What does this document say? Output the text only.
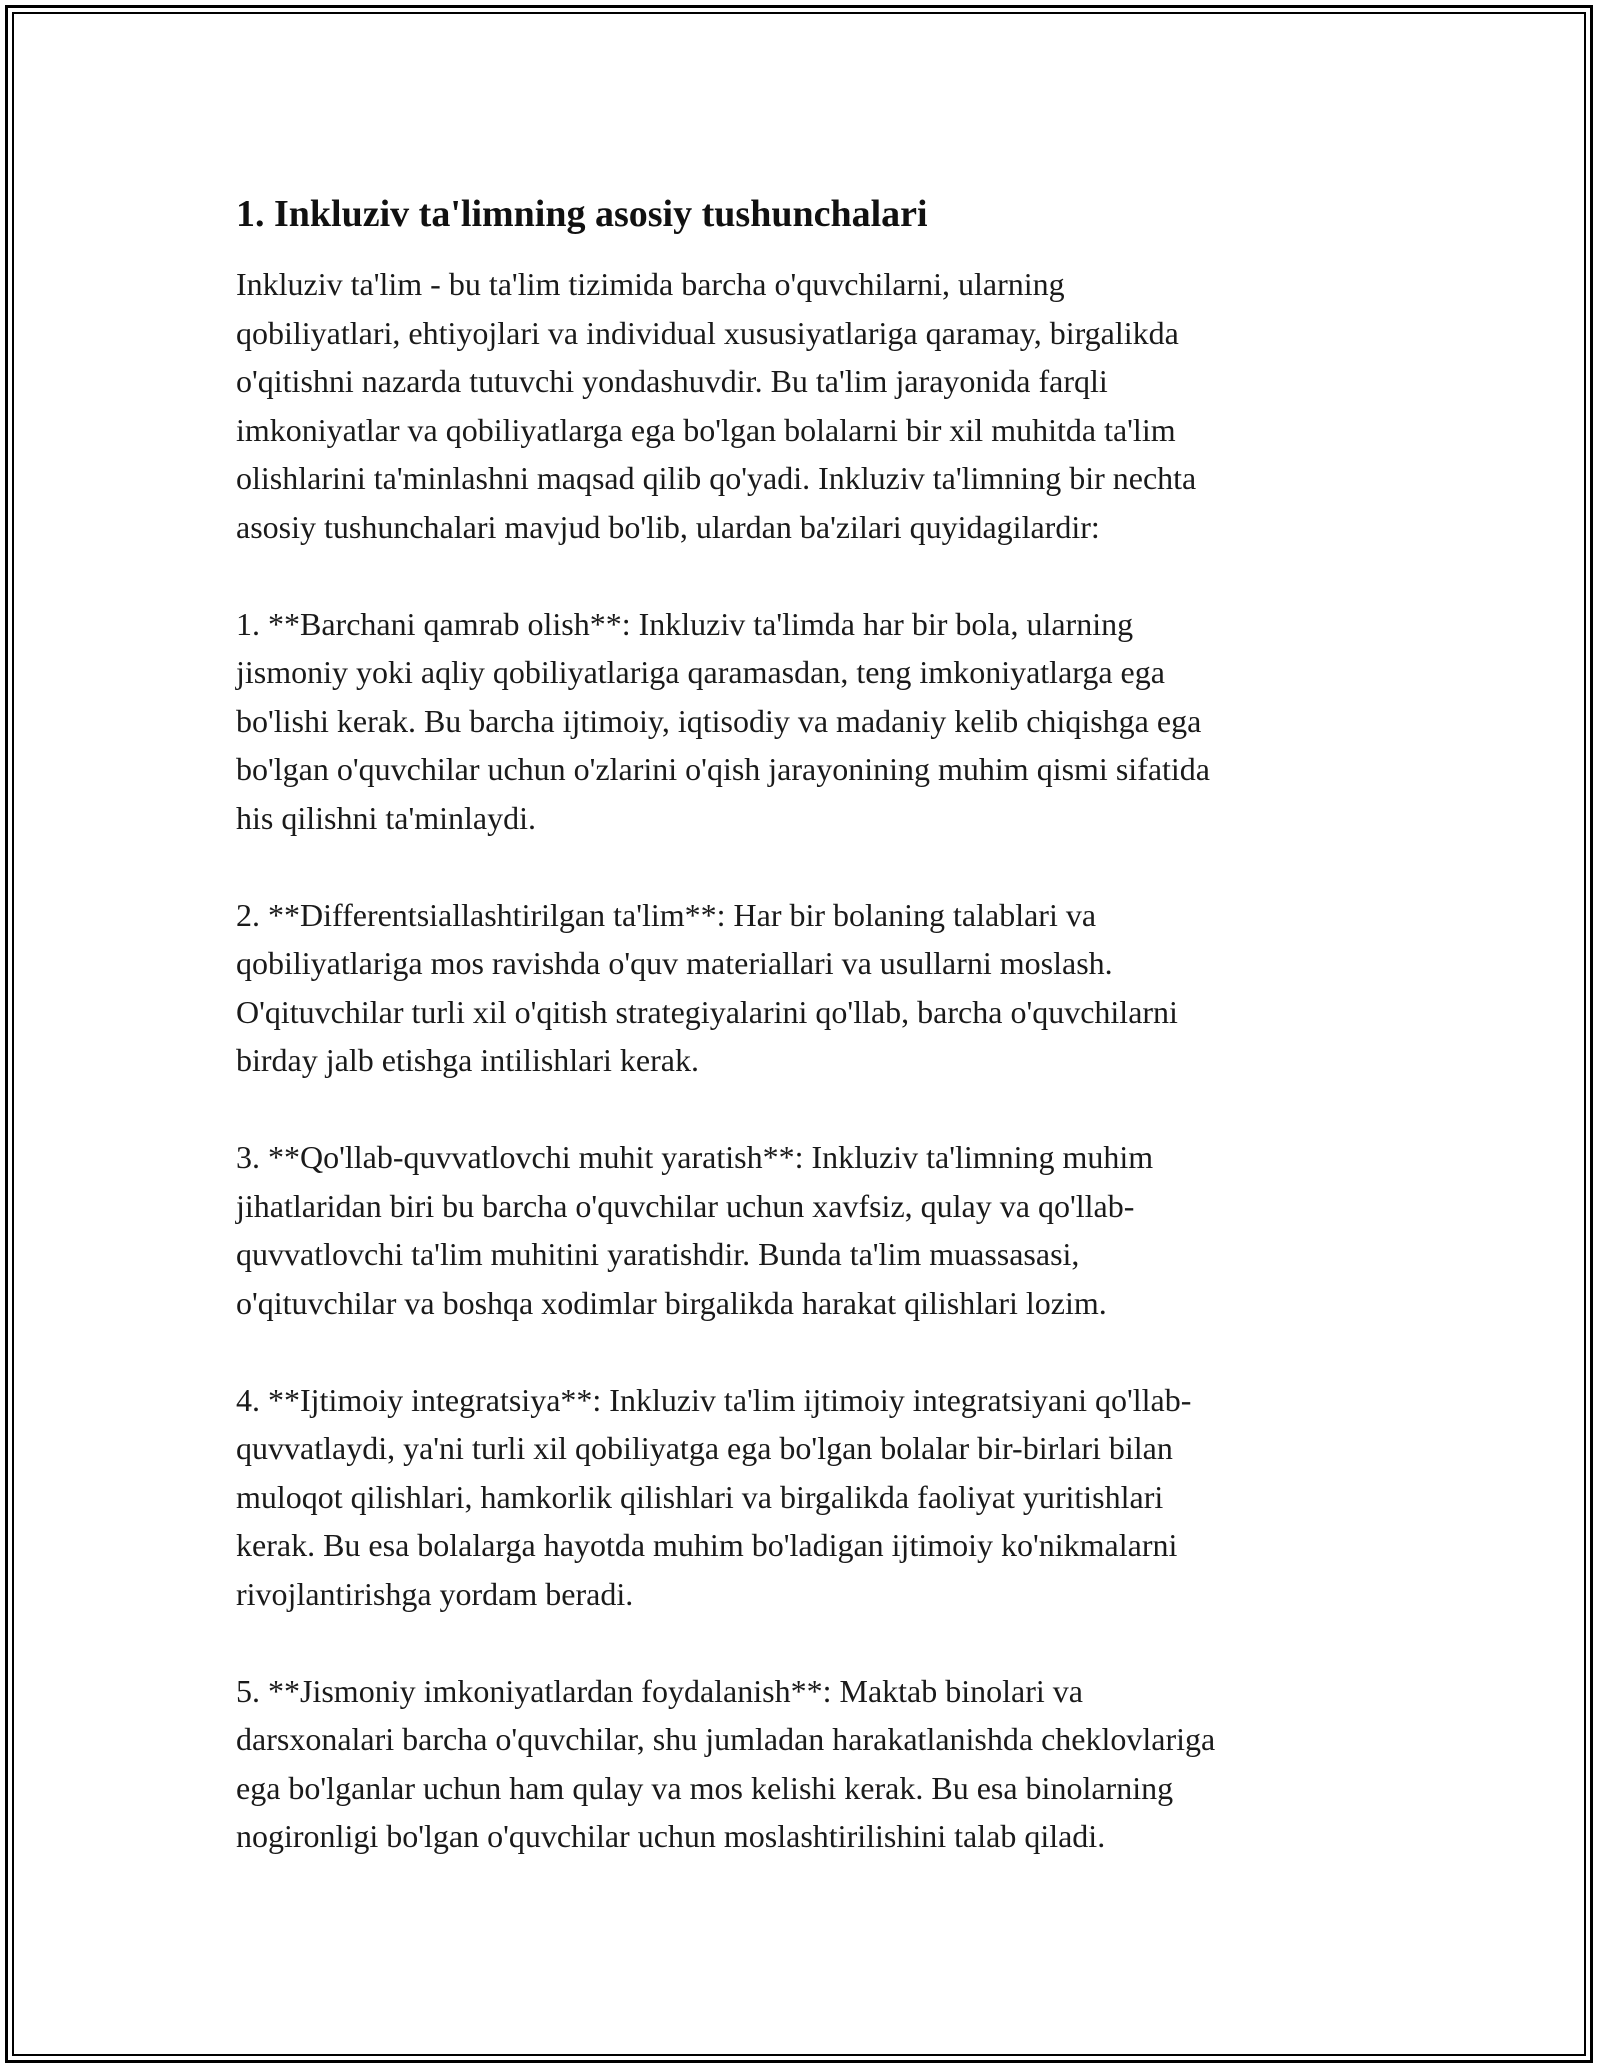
1. Inkluziv ta'limning asosiy tushunchalari
Inkluziv ta'lim - bu ta'lim tizimida barcha o'quvchilarni, ularning
qobiliyatlari, ehtiyojlari va individual xususiyatlariga qaramay, birgalikda
o'qitishni nazarda tutuvchi yondashuvdir. Bu ta'lim jarayonida farqli
imkoniyatlar va qobiliyatlarga ega bo'lgan bolalarni bir xil muhitda ta'lim
olishlarini ta'minlashni maqsad qilib qo'yadi. Inkluziv ta'limning bir nechta
asosiy tushunchalari mavjud bo'lib, ulardan ba'zilari quyidagilardir:
1. **Barchani qamrab olish**: Inkluziv ta'limda har bir bola, ularning
jismoniy yoki aqliy qobiliyatlariga qaramasdan, teng imkoniyatlarga ega
bo'lishi kerak. Bu barcha ijtimoiy, iqtisodiy va madaniy kelib chiqishga ega
bo'lgan o'quvchilar uchun o'zlarini o'qish jarayonining muhim qismi sifatida
his qilishni ta'minlaydi.
2. **Differentsiallashtirilgan ta'lim**: Har bir bolaning talablari va
qobiliyatlariga mos ravishda o'quv materiallari va usullarni moslash.
O'qituvchilar turli xil o'qitish strategiyalarini qo'llab, barcha o'quvchilarni
birday jalb etishga intilishlari kerak.
3. **Qo'llab-quvvatlovchi muhit yaratish**: Inkluziv ta'limning muhim
jihatlaridan biri bu barcha o'quvchilar uchun xavfsiz, qulay va qo'llab-
quvvatlovchi ta'lim muhitini yaratishdir. Bunda ta'lim muassasasi,
o'qituvchilar va boshqa xodimlar birgalikda harakat qilishlari lozim.
4. **Ijtimoiy integratsiya**: Inkluziv ta'lim ijtimoiy integratsiyani qo'llab-
quvvatlaydi, ya'ni turli xil qobiliyatga ega bo'lgan bolalar bir-birlari bilan
muloqot qilishlari, hamkorlik qilishlari va birgalikda faoliyat yuritishlari
kerak. Bu esa bolalarga hayotda muhim bo'ladigan ijtimoiy ko'nikmalarni
rivojlantirishga yordam beradi.
5. **Jismoniy imkoniyatlardan foydalanish**: Maktab binolari va
darsxonalari barcha o'quvchilar, shu jumladan harakatlanishda cheklovlariga
ega bo'lganlar uchun ham qulay va mos kelishi kerak. Bu esa binolarning
nogironligi bo'lgan o'quvchilar uchun moslashtirilishini talab qiladi.
